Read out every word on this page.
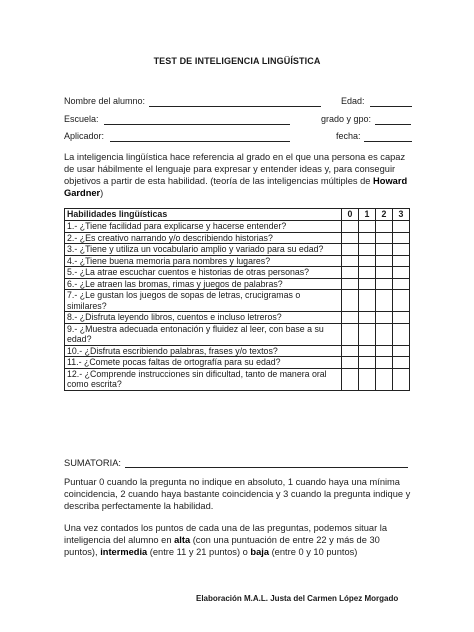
TEST DE INTELIGENCIA LINGÜÍSTICA
Nombre del alumno:	Edad:
Escuela:	grado y gpo:
Aplicador:	fecha:
La inteligencia lingüística hace referencia al grado en el que una persona es capaz de usar hábilmente el lenguaje para expresar y entender ideas y, para conseguir objetivos a partir de esta habilidad. (teoría de las inteligencias múltiples de Howard Gardner)
Habilidades lingüísticas	0	1	2	3
1.- ¿Tiene facilidad para explicarse y hacerse entender?				
2.- ¿Es creativo narrando y/o describiendo historias?				
3.- ¿Tiene y utiliza un vocabulario amplio y variado para su edad?				
4.- ¿Tiene buena memoria para nombres y lugares?				
5.- ¿La atrae escuchar cuentos e historias de otras personas?				
6.- ¿Le atraen las bromas, rimas y juegos de palabras?				
7.- ¿Le gustan los juegos de sopas de letras, crucigramas o similares?				
8.- ¿Disfruta leyendo libros, cuentos e incluso letreros?				
9.- ¿Muestra adecuada entonación y fluidez al leer, con base a su edad?				
10.- ¿Disfruta escribiendo palabras, frases y/o textos?				
11.- ¿Comete pocas faltas de ortografía para su edad?				
12.- ¿Comprende instrucciones sin dificultad, tanto de manera oral como escrita?				
SUMATORIA:
Puntuar 0 cuando la pregunta no indique en absoluto, 1 cuando haya una mínima coincidencia, 2 cuando haya bastante coincidencia y 3 cuando la pregunta indique y describa perfectamente la habilidad.
Una vez contados los puntos de cada una de las preguntas, podemos situar la inteligencia del alumno en alta (con una puntuación de entre 22 y más de 30 puntos), intermedia (entre 11 y 21 puntos) o baja (entre 0 y 10 puntos)
Elaboración M.A.L. Justa del Carmen López Morgado
